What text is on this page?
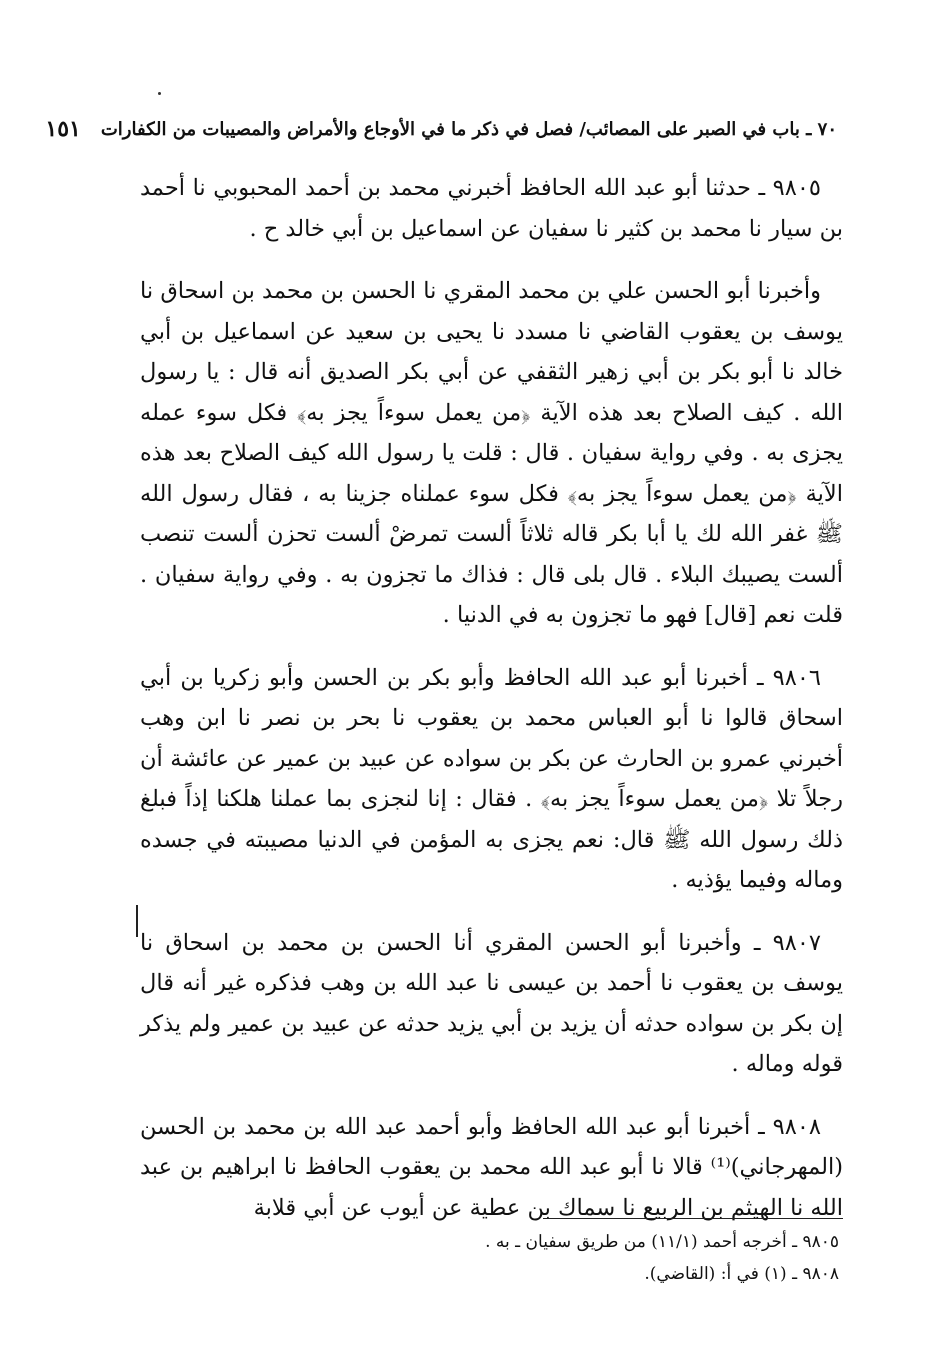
٧٠ ـ باب في الصبر على المصائب/ فصل في ذكر ما في الأوجاع والأمراض والمصيبات من الكفارات
١٥١

٩٨٠٥ ـ حدثنا أبو عبد الله الحافظ أخبرني محمد بن أحمد المحبوبي نا أحمد بن سيار نا محمد بن كثير نا سفيان عن اسماعيل بن أبي خالد ح .

وأخبرنا أبو الحسن علي بن محمد المقري نا الحسن بن محمد بن اسحاق نا يوسف بن يعقوب القاضي نا مسدد نا يحيى بن سعيد عن اسماعيل بن أبي خالد نا أبو بكر بن أبي زهير الثقفي عن أبي بكر الصديق أنه قال : يا رسول الله . كيف الصلاح بعد هذه الآية ﴿من يعمل سوءاً يجز به﴾ فكل سوء عمله يجزى به . وفي رواية سفيان . قال : قلت يا رسول الله كيف الصلاح بعد هذه الآية ﴿من يعمل سوءاً يجز به﴾ فكل سوء عملناه جزينا به ، فقال رسول الله ﷺ غفر الله لك يا أبا بكر قاله ثلاثاً ألست تمرضْ ألست تحزن ألست تنصب ألست يصيبك البلاء . قال بلى قال : فذاك ما تجزون به . وفي رواية سفيان . قلت نعم [قال] فهو ما تجزون به في الدنيا .

٩٨٠٦ ـ أخبرنا أبو عبد الله الحافظ وأبو بكر بن الحسن وأبو زكريا بن أبي اسحاق قالوا نا أبو العباس محمد بن يعقوب نا بحر بن نصر نا ابن وهب أخبرني عمرو بن الحارث عن بكر بن سواده عن عبيد بن عمير عن عائشة أن رجلاً تلا ﴿من يعمل سوءاً يجز به﴾ . فقال : إنا لنجزى بما عملنا هلكنا إذاً فبلغ ذلك رسول الله ﷺ قال: نعم يجزى به المؤمن في الدنيا مصيبته في جسده وماله وفيما يؤذيه .

٩٨٠٧ ـ وأخبرنا أبو الحسن المقري أنا الحسن بن محمد بن اسحاق نا يوسف بن يعقوب نا أحمد بن عيسى نا عبد الله بن وهب فذكره غير أنه قال إن بكر بن سواده حدثه أن يزيد بن أبي يزيد حدثه عن عبيد بن عمير ولم يذكر قوله وماله .

٩٨٠٨ ـ أخبرنا أبو عبد الله الحافظ وأبو أحمد عبد الله بن محمد بن الحسن (المهرجاني)⁽¹⁾ قالا نا أبو عبد الله محمد بن يعقوب الحافظ نا ابراهيم بن عبد الله نا الهيثم بن الربيع نا سماك بن عطية عن أيوب عن أبي قلابة

٩٨٠٥ ـ أخرجه أحمد (١١/١) من طريق سفيان ـ به .
٩٨٠٨ ـ (١) في أ: (القاضي).
